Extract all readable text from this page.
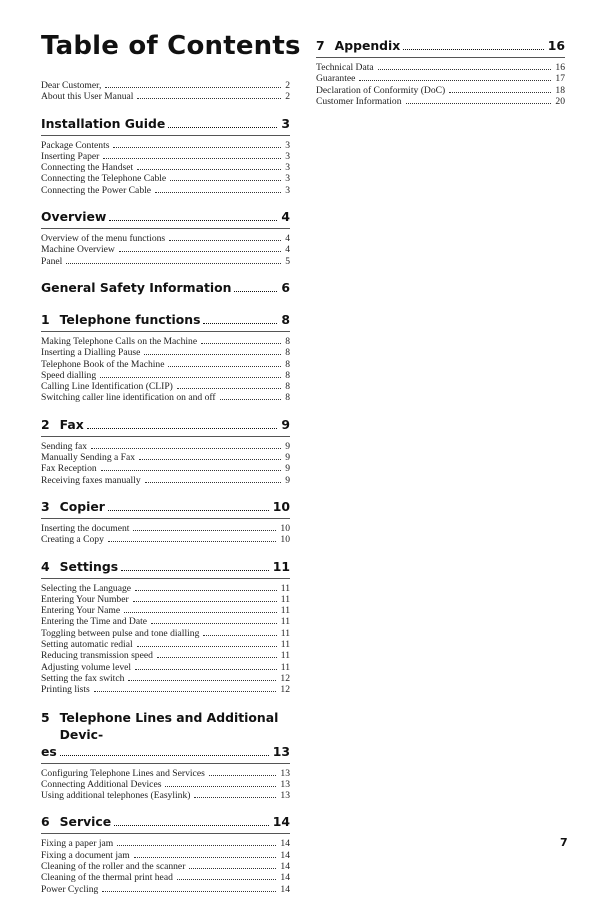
Table of Contents
Dear Customer,	2
About this User Manual	2
Installation Guide	3
Package Contents	3
Inserting Paper	3
Connecting the Handset	3
Connecting the Telephone Cable	3
Connecting the Power Cable	3
Overview	4
Overview of the menu functions	4
Machine Overview	4
Panel	5
General Safety Information	6
1 Telephone functions	8
Making Telephone Calls on the Machine	8
Inserting a Dialling Pause	8
Telephone Book of the Machine	8
Speed dialling	8
Calling Line Identification (CLIP)	8
Switching caller line identification on and off	8
2 Fax	9
Sending fax	9
Manually Sending a Fax	9
Fax Reception	9
Receiving faxes manually	9
3 Copier	10
Inserting the document	10
Creating a Copy	10
4 Settings	11
Selecting the Language	11
Entering Your Number	11
Entering Your Name	11
Entering the Time and Date	11
Toggling between pulse and tone dialling	11
Setting automatic redial	11
Reducing transmission speed	11
Adjusting volume level	11
Setting the fax switch	12
Printing lists	12
5 Telephone Lines and Additional Devic-
es	13
Configuring Telephone Lines and Services	13
Connecting Additional Devices	13
Using additional telephones (Easylink)	13
6 Service	14
Fixing a paper jam	14
Fixing a document jam	14
Cleaning of the roller and the scanner	14
Cleaning of the thermal print head	14
Power Cycling	14
7 Appendix	16
Technical Data	16
Guarantee	17
Declaration of Conformity (DoC)	18
Customer Information	20
7
